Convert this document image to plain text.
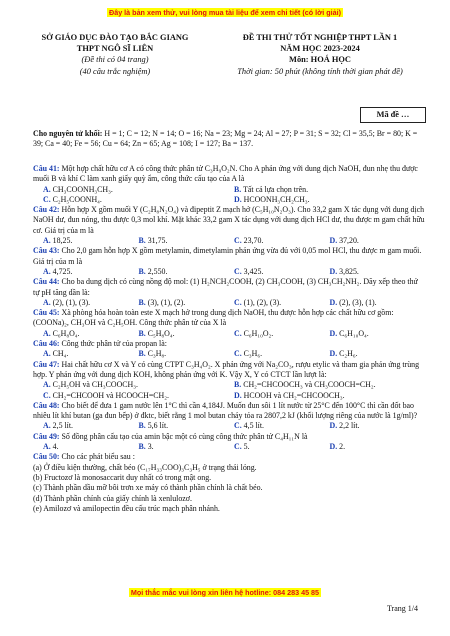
Đây là bản xem thử, vui lòng mua tài liệu để xem chi tiết (có lời giải)
SỞ GIÁO DỤC ĐÀO TẠO BẮC GIANG
THPT NGÔ SĨ LIÊN
(Đề thi có 04 trang)
(40 câu trắc nghiệm)
ĐỀ THI THỬ TỐT NGHIỆP THPT LẦN 1
NĂM HỌC 2023-2024
Môn: HOÁ HỌC
Thời gian: 50 phút (không tính thời gian phát đề)
Mã đề …
Cho nguyên tử khối: H = 1; C = 12; N = 14; O = 16; Na = 23; Mg = 24; Al = 27; P = 31; S = 32; Cl = 35,5; Br = 80; K = 39; Ca = 40; Fe = 56; Cu = 64; Zn = 65; Ag = 108; I = 127; Ba = 137.

Câu 41: Một hợp chất hữu cơ A có công thức phân tử C₃H₉O₂N. Cho A phản ứng với dung dịch NaOH, đun nhẹ thu được muối B và khí C làm xanh giấy quỳ ẩm, công thức cấu tạo của A là

A. CH₃COONH₃CH₃.	B. Tất cả lựa chọn trên.
C. C₂H₅COONH₄.	D. HCOONH₃CH₂CH₃.

Câu 42: Hỗn hợp X gồm muối Y (C₂H₈N₂O₄) và đipeptit Z mạch hở (C₅H₁₀N₂O₃). Cho 33,2 gam X tác dụng với dung dịch NaOH dư, đun nóng, thu được 0,3 mol khí. Mặt khác 33,2 gam X tác dụng với dung dịch HCl dư, thu được m gam chất hữu cơ. Giá trị của m là

A. 18,25.	B. 31,75.	C. 23,70.	D. 37,20.

Câu 43: Cho 2,0 gam hỗn hợp X gồm metylamin, đimetylamin phản ứng vừa đủ với 0,05 mol HCl, thu được m gam muối. Giá trị của m là

A. 4,725.	B. 2,550.	C. 3,425.	D. 3,825.

Câu 44: Cho ba dung dịch có cùng nồng độ mol: (1) H₂NCH₂COOH, (2) CH₃COOH, (3) CH₃CH₂NH₂. Dãy xếp theo thứ tự pH tăng dần là:

A. (2), (1), (3).	B. (3), (1), (2).	C. (1), (2), (3).	D. (2), (3), (1).

Câu 45: Xà phòng hóa hoàn toàn este X mạch hở trong dung dịch NaOH, thu được hỗn hợp các chất hữu cơ gồm: (COONa)₂, CH₃OH và C₂H₅OH. Công thức phân tử của X là

A. C₆H₈O₄.	B. C₅H₈O₄.	C. C₆H₁₀O₂.	D. C₆H₁₀O₄.

Câu 46: Công thức phân tử của propan là:

A. CH₄.	B. C₃H₈.	C. C₃H₆.	D. C₂H₆.

Câu 47: Hai chất hữu cơ X và Y có cùng CTPT C₃H₄O₂. X phản ứng với Na₂CO₃, rượu etylic và tham gia phản ứng trùng hợp. Y phản ứng với dung dịch KOH, không phản ứng với K. Vậy X, Y có CTCT lần lượt là:

A. C₂H₅OH và CH₃COOCH₃.	B. CH₂=CHCOOCH₃ và CH₃COOCH=CH₂.
C. CH₂=CHCOOH và HCOOCH=CH₂.	D. HCOOH và CH₂=CHCOOCH₃.

Câu 48: Cho biết để đưa 1 gam nước lên 1°C thì cần 4,184J. Muốn đun sôi 1 lít nước từ 25°C đến 100°C thì cần đốt bao nhiêu lít khí butan (ga đun bếp) ở đktc, biết rằng 1 mol butan cháy tỏa ra 2807,2 kJ (khối lượng riêng của nước là 1g/ml)?

A. 2,5 lít.	B. 5,6 lít.	C. 4,5 lít.	D. 2,2 lít.

Câu 49: Số đồng phân cấu tạo của amin bậc một có cùng công thức phân tử C₄H₁₁N là

A. 4.	B. 3.	C. 5.	D. 2.

Câu 50: Cho các phát biểu sau :

(a) Ở điều kiện thường, chất béo (C₁₇H₃₃COO)₃C₃H₅ ở trạng thái lỏng.

(b) Fructozơ là monosaccarit duy nhất có trong mật ong.

(c) Thành phần dầu mỡ bôi trơn xe máy có thành phần chính là chất béo.

(d) Thành phần chính của giấy chính là xenlulozơ.

(e) Amilozơ và amilopectin đều cấu trúc mạch phân nhánh.

Mọi thắc mắc vui lòng xin liên hệ hotline: 084 283 45 85
Trang 1/4
